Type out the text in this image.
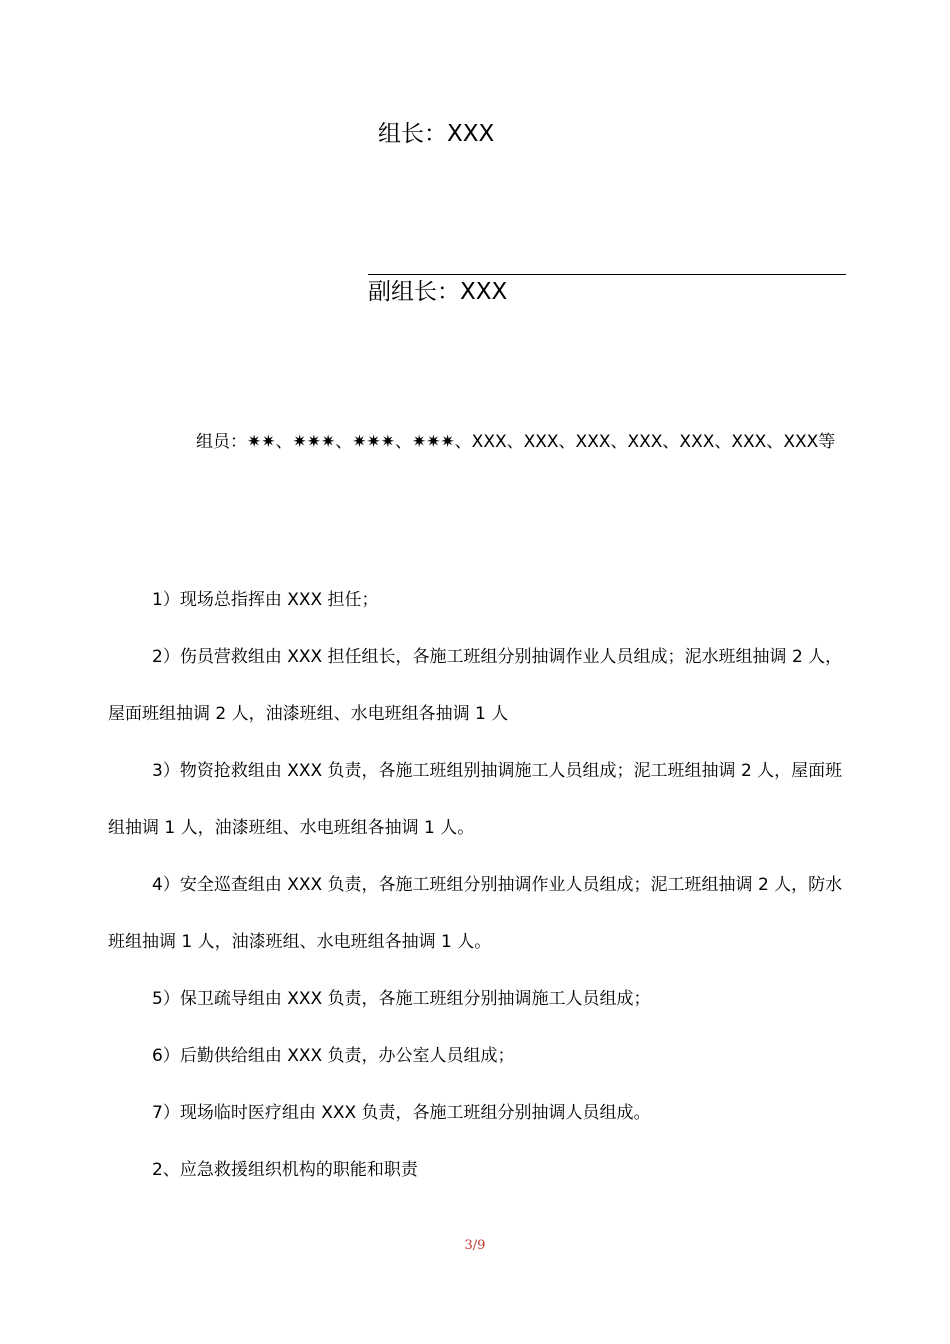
组长：XXX
副组长：XXX
组员：✷✷、✷✷✷、✷✷✷、✷✷✷、XXX、XXX、XXX、XXX、XXX、XXX、XXX等
1）现场总指挥由 XXX 担任；
2）伤员营救组由 XXX 担任组长，各施工班组分别抽调作业人员组成；泥水班组抽调 2 人，屋面班组抽调 2 人，油漆班组、水电班组各抽调 1 人
3）物资抢救组由 XXX 负责，各施工班组别抽调施工人员组成；泥工班组抽调 2 人，屋面班组抽调 1 人，油漆班组、水电班组各抽调 1 人。
4）安全巡查组由 XXX 负责，各施工班组分别抽调作业人员组成；泥工班组抽调 2 人，防水班组抽调 1 人，油漆班组、水电班组各抽调 1 人。
5）保卫疏导组由 XXX 负责，各施工班组分别抽调施工人员组成；
6）后勤供给组由 XXX 负责，办公室人员组成；
7）现场临时医疗组由 XXX 负责，各施工班组分别抽调人员组成。
2、应急救援组织机构的职能和职责
3/9
